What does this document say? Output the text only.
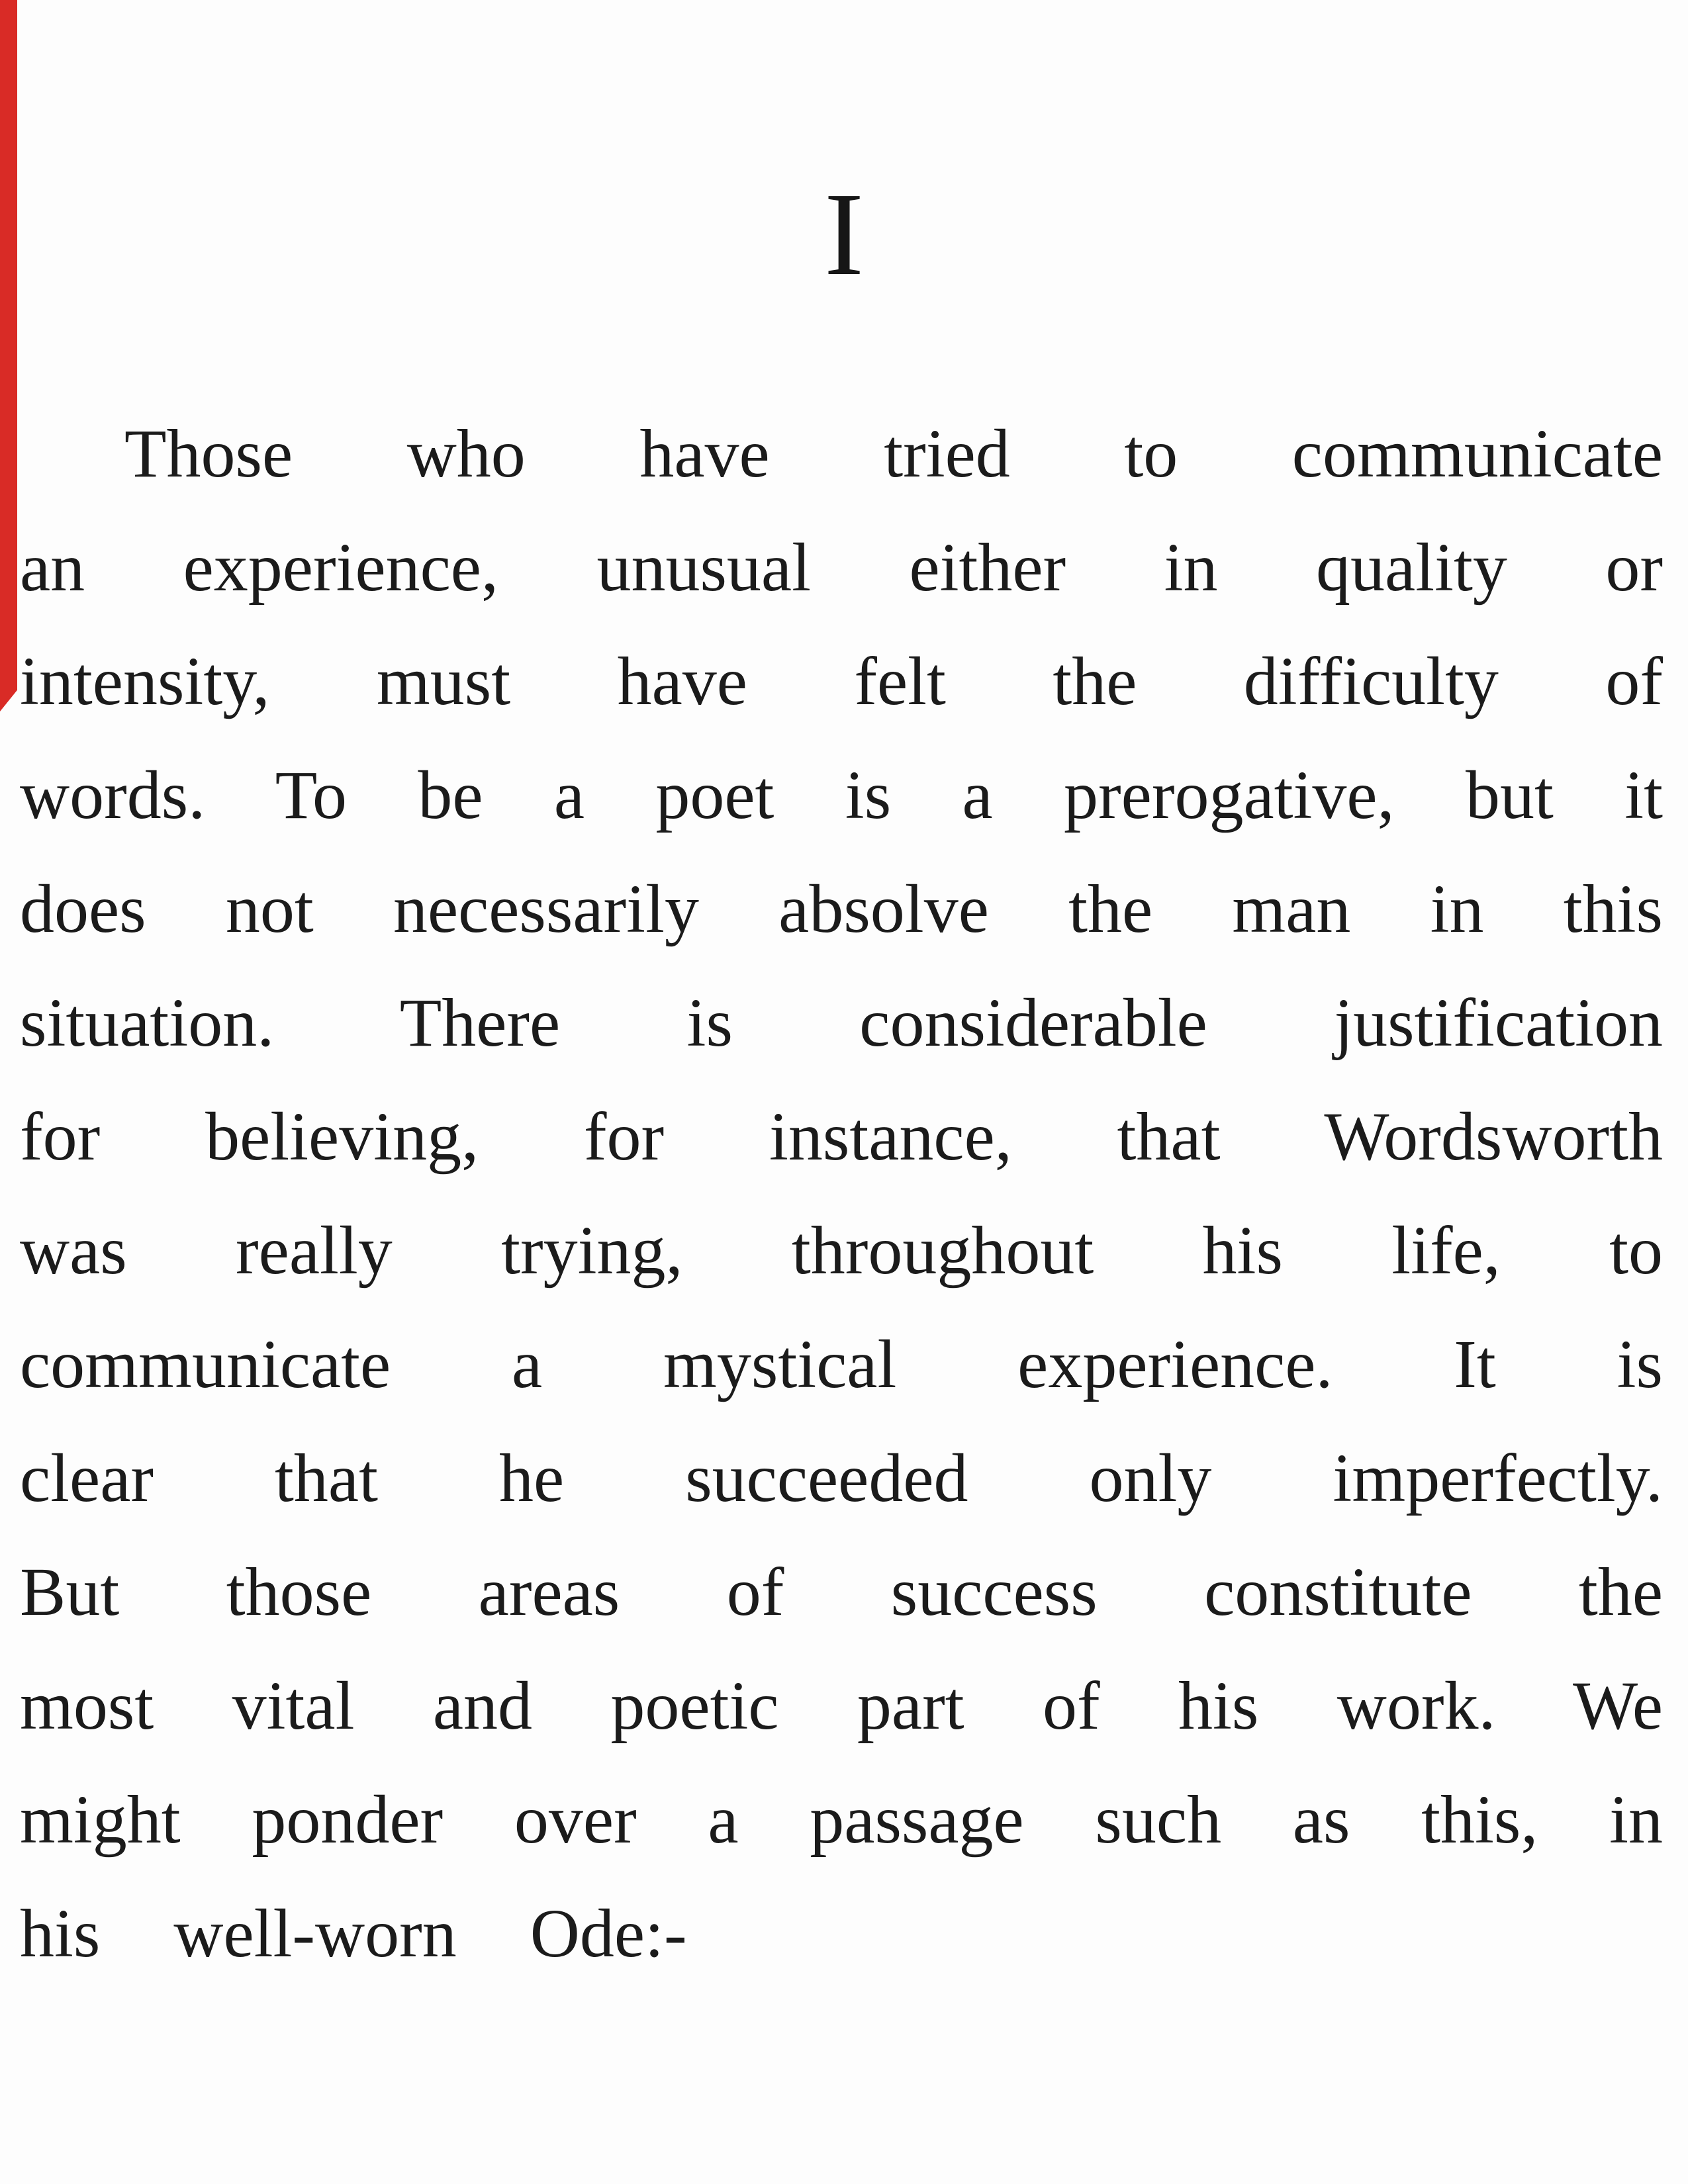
I
Those who have tried to communicate
an experience, unusual either in quality or
intensity, must have felt the difficulty of
words. To be a poet is a prerogative, but it
does not necessarily absolve the man in this
situation. There is considerable justification
for believing, for instance, that Wordsworth
was really trying, throughout his life, to
communicate a mystical experience. It is
clear that he succeeded only imperfectly.
But those areas of success constitute the
most vital and poetic part of his work. We
might ponder over a passage such as this, in
his well-worn Ode:-
